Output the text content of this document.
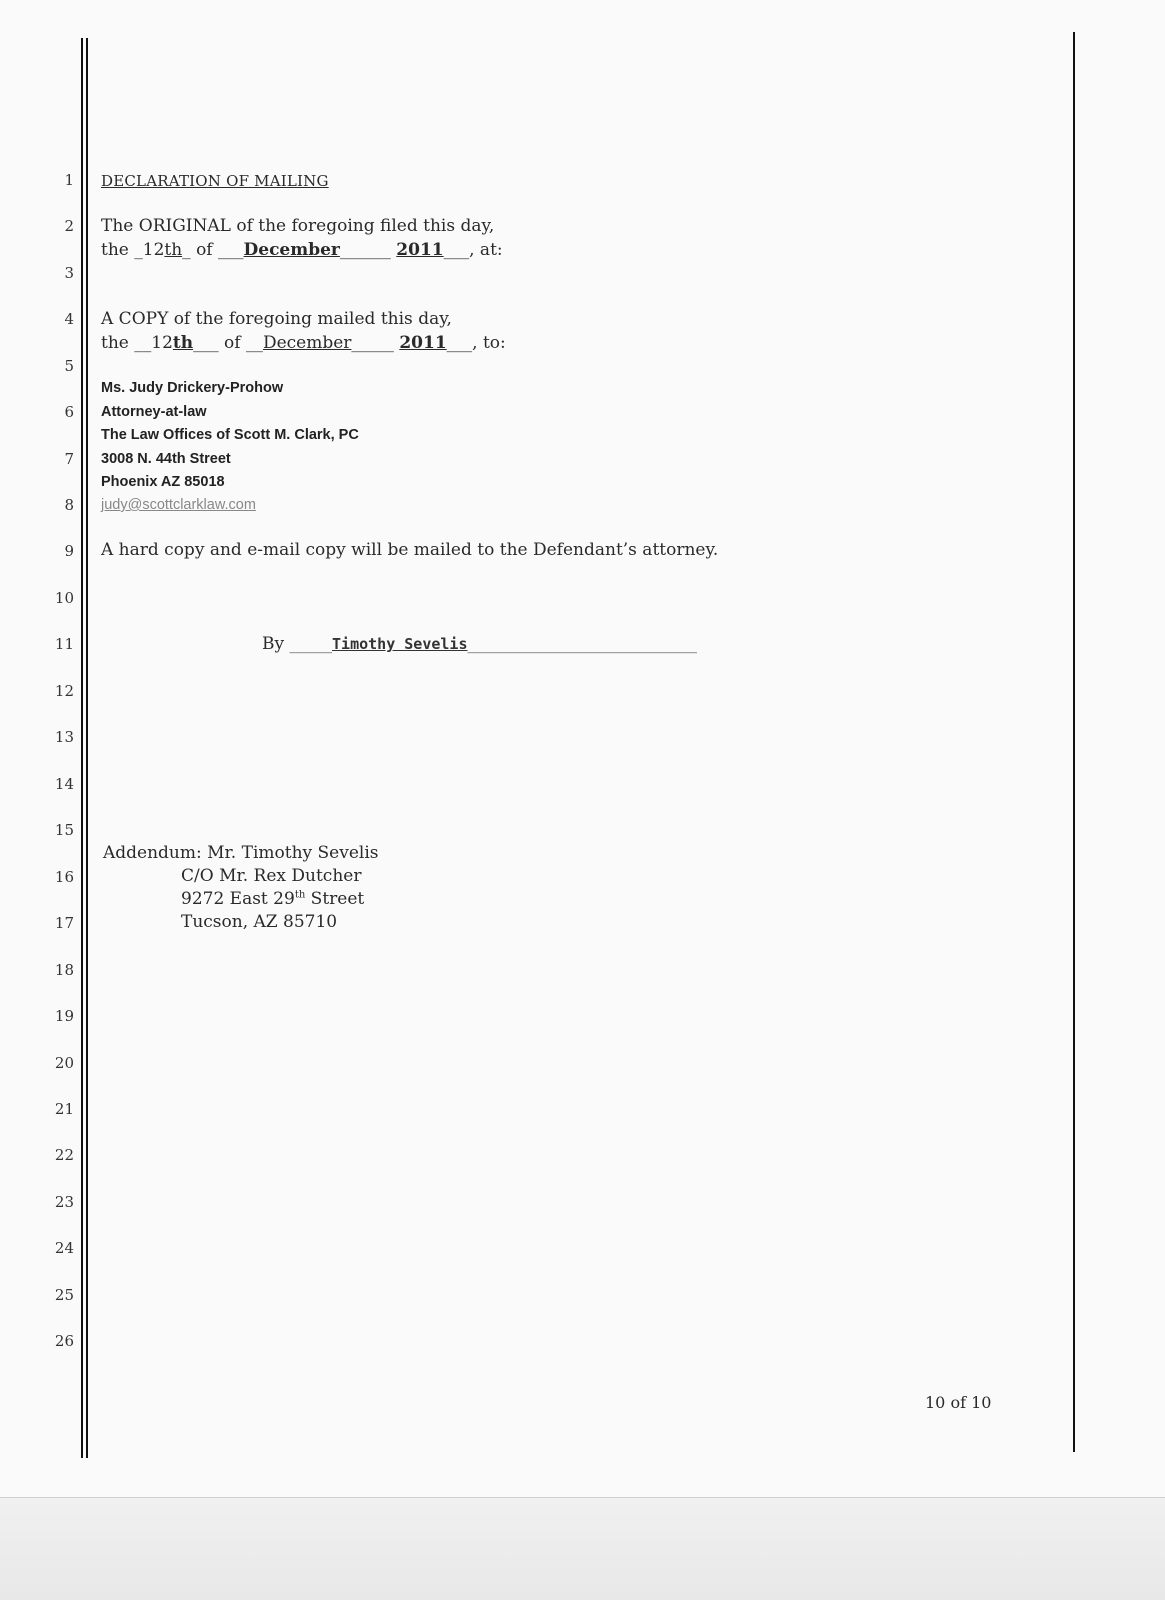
1
2
3
4
5
6
7
8
9
10
11
12
13
14
15
16
17
18
19
20
21
22
23
24
25
26
DECLARATION OF MAILING
The ORIGINAL of the foregoing filed this day,
the _12th_ of ___December______ 2011___, at:
A COPY of the foregoing mailed this day,
the __12th___ of __December_____ 2011___, to:
Ms. Judy Drickery-Prohow
Attorney-at-law
The Law Offices of Scott M. Clark, PC
3008 N. 44th Street
Phoenix AZ 85018
judy@scottclarklaw.com
A hard copy and e-mail copy will be mailed to the Defendant’s attorney.
By _____Timothy Sevelis___________________________
Addendum: Mr. Timothy Sevelis
C/O Mr. Rex Dutcher
9272 East 29th Street
Tucson, AZ 85710
10 of 10
